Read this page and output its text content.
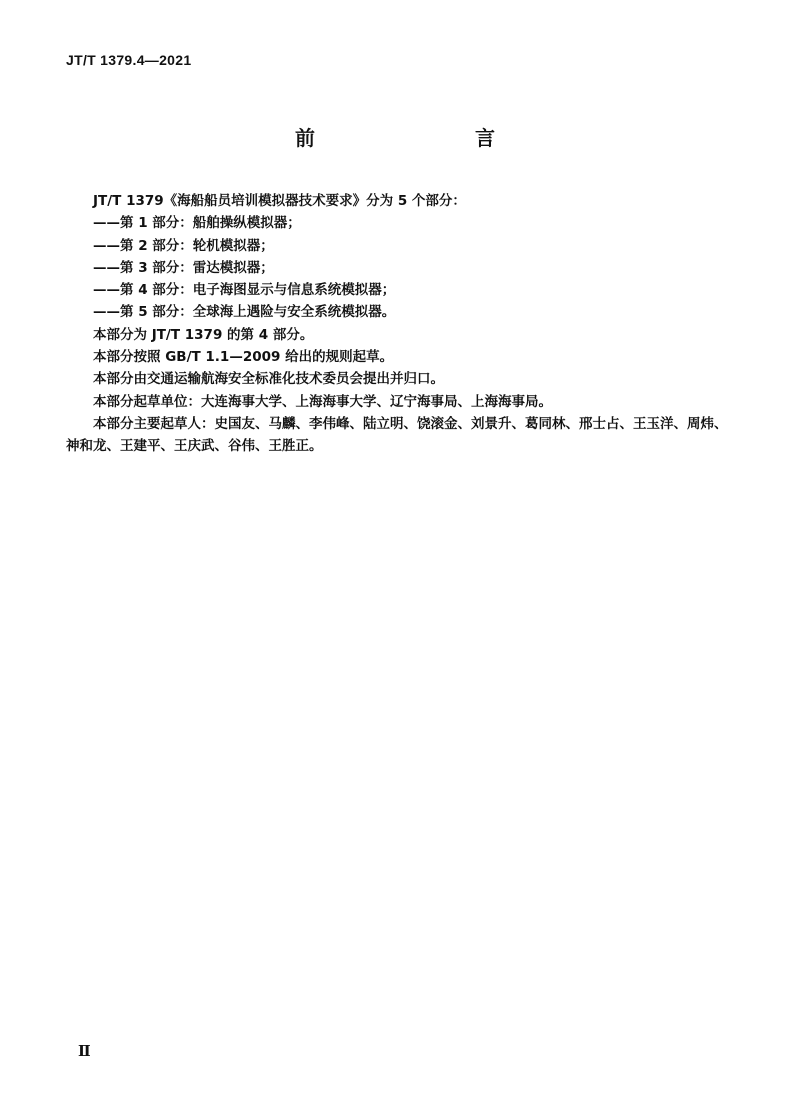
JT/T 1379.4—2021
前　　言
JT/T 1379《海船船员培训模拟器技术要求》分为 5 个部分：
——第 1 部分：船舶操纵模拟器；
——第 2 部分：轮机模拟器；
——第 3 部分：雷达模拟器；
——第 4 部分：电子海图显示与信息系统模拟器；
——第 5 部分：全球海上遇险与安全系统模拟器。
本部分为 JT/T 1379 的第 4 部分。
本部分按照 GB/T 1.1—2009 给出的规则起草。
本部分由交通运输航海安全标准化技术委员会提出并归口。
本部分起草单位：大连海事大学、上海海事大学、辽宁海事局、上海海事局。
本部分主要起草人：史国友、马麟、李伟峰、陆立明、饶滚金、刘景升、葛同林、邢士占、王玉洋、周炜、
神和龙、王建平、王庆武、谷伟、王胜正。
Ⅱ
